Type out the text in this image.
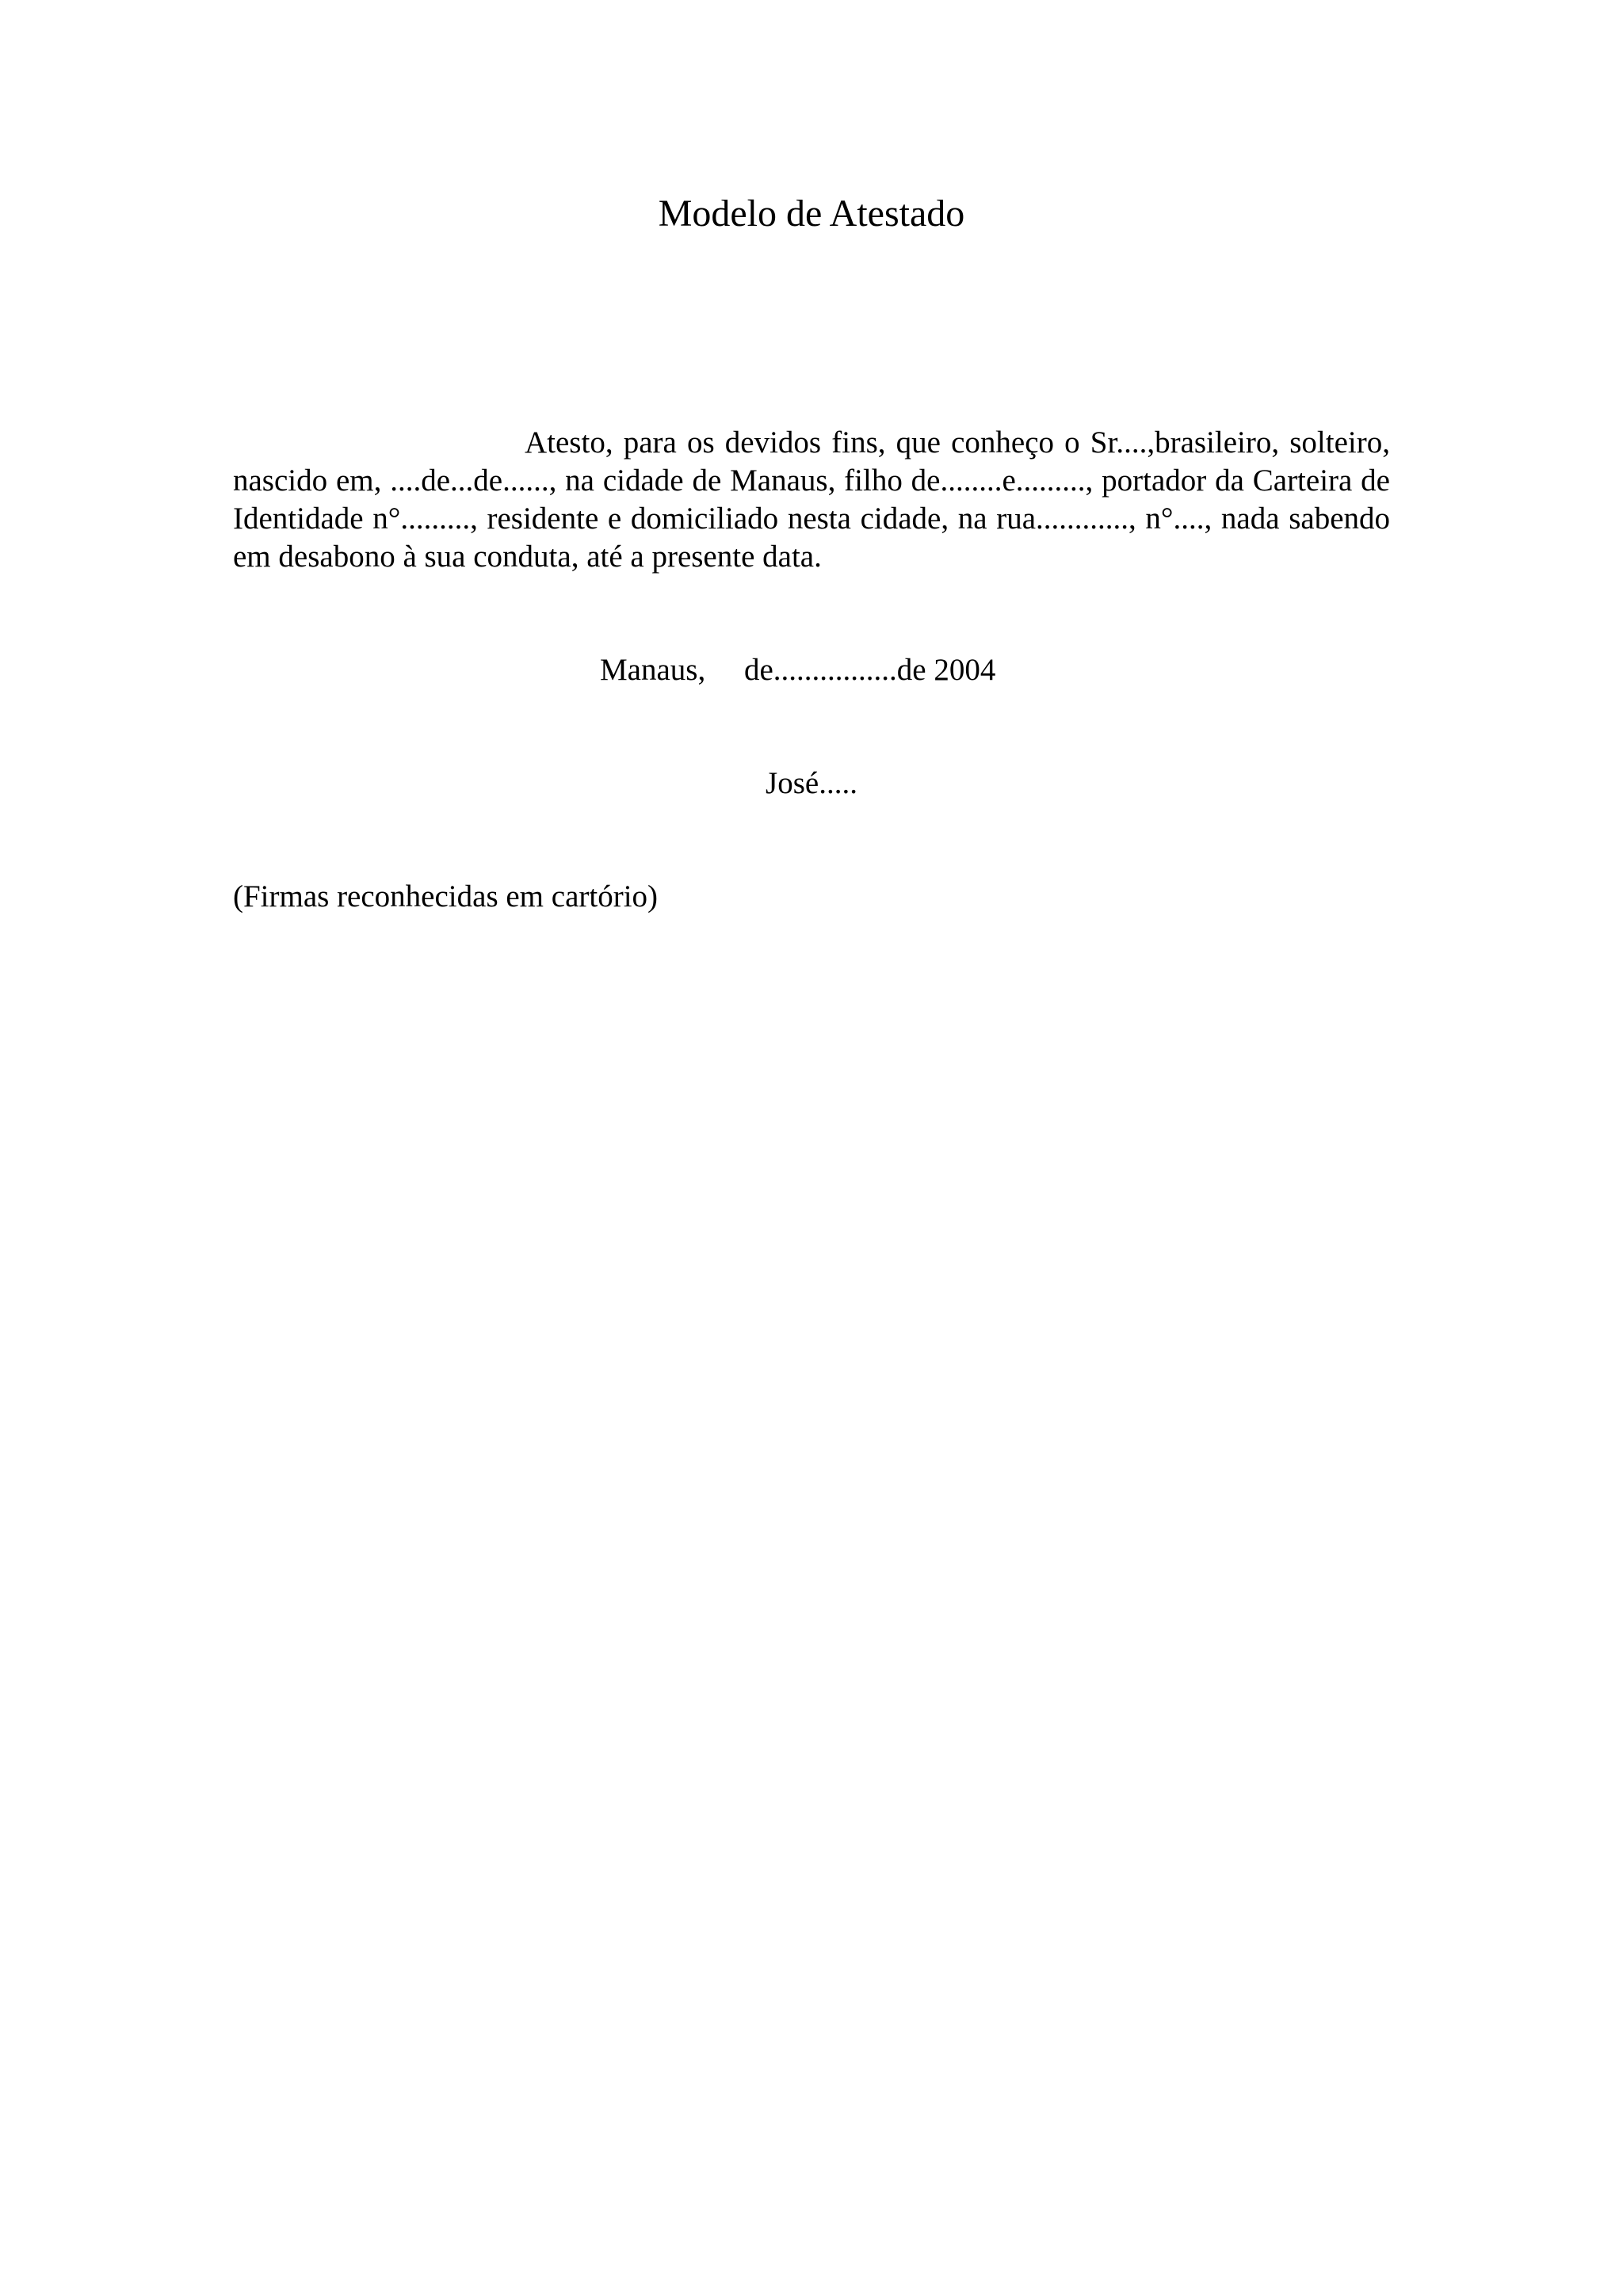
Modelo de Atestado

Atesto, para os devidos fins, que conheço o Sr....,brasileiro, solteiro, nascido em, ....de...de......, na cidade de Manaus, filho de........e........., portador da Carteira de Identidade n°........., residente e domiciliado nesta cidade, na rua............, n°...., nada sabendo em desabono à sua conduta, até a presente data.

Manaus,     de................de 2004

José.....

(Firmas reconhecidas em cartório)
